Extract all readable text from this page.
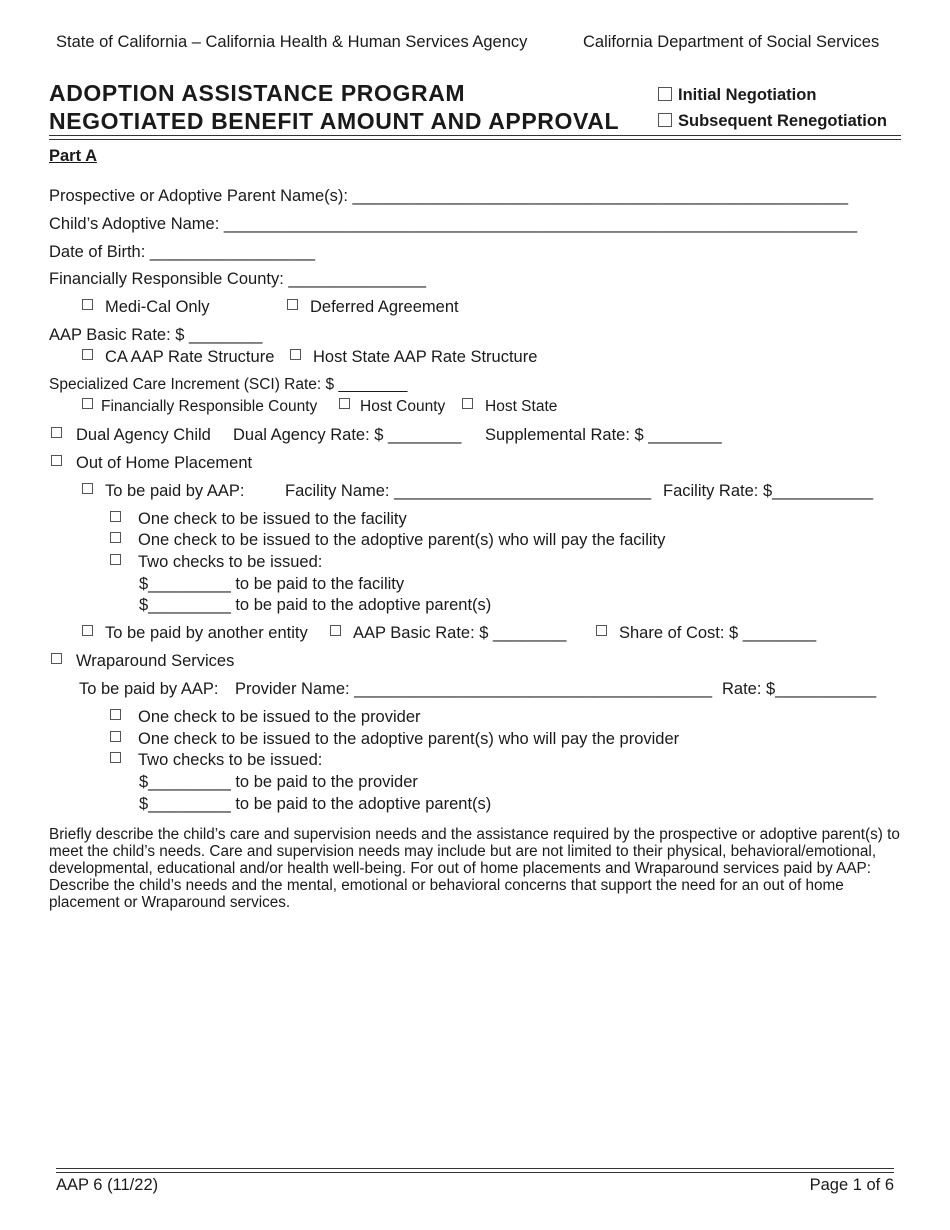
State of California – California Health & Human Services Agency	California Department of Social Services
ADOPTION ASSISTANCE PROGRAM
NEGOTIATED BENEFIT AMOUNT AND APPROVAL
Initial Negotiation
Subsequent Renegotiation
Part A
Prospective or Adoptive Parent Name(s): ______________________________________________________
Child’s Adoptive Name: _____________________________________________________________________
Date of Birth: __________________
Financially Responsible County: _______________
Medi-Cal Only	Deferred Agreement
AAP Basic Rate: $ ________
CA AAP Rate Structure	Host State AAP Rate Structure
Specialized Care Increment (SCI) Rate: $ ________
Financially Responsible County	Host County	Host State
Dual Agency Child Dual Agency Rate: $ ________ Supplemental Rate: $ ________
Out of Home Placement
To be paid by AAP: Facility Name: ____________________________ Facility Rate: $___________
One check to be issued to the facility
One check to be issued to the adoptive parent(s) who will pay the facility
Two checks to be issued:
$_________ to be paid to the facility
$_________ to be paid to the adoptive parent(s)
To be paid by another entity	AAP Basic Rate: $ ________	Share of Cost: $ ________
Wraparound Services
To be paid by AAP: Provider Name: _______________________________________ Rate: $___________
One check to be issued to the provider
One check to be issued to the adoptive parent(s) who will pay the provider
Two checks to be issued:
$_________ to be paid to the provider
$_________ to be paid to the adoptive parent(s)
Briefly describe the child’s care and supervision needs and the assistance required by the prospective or adoptive parent(s) to meet the child’s needs. Care and supervision needs may include but are not limited to their physical, behavioral/emotional, developmental, educational and/or health well-being. For out of home placements and Wraparound services paid by AAP: Describe the child’s needs and the mental, emotional or behavioral concerns that support the need for an out of home placement or Wraparound services.
AAP 6 (11/22)	Page 1 of 6
